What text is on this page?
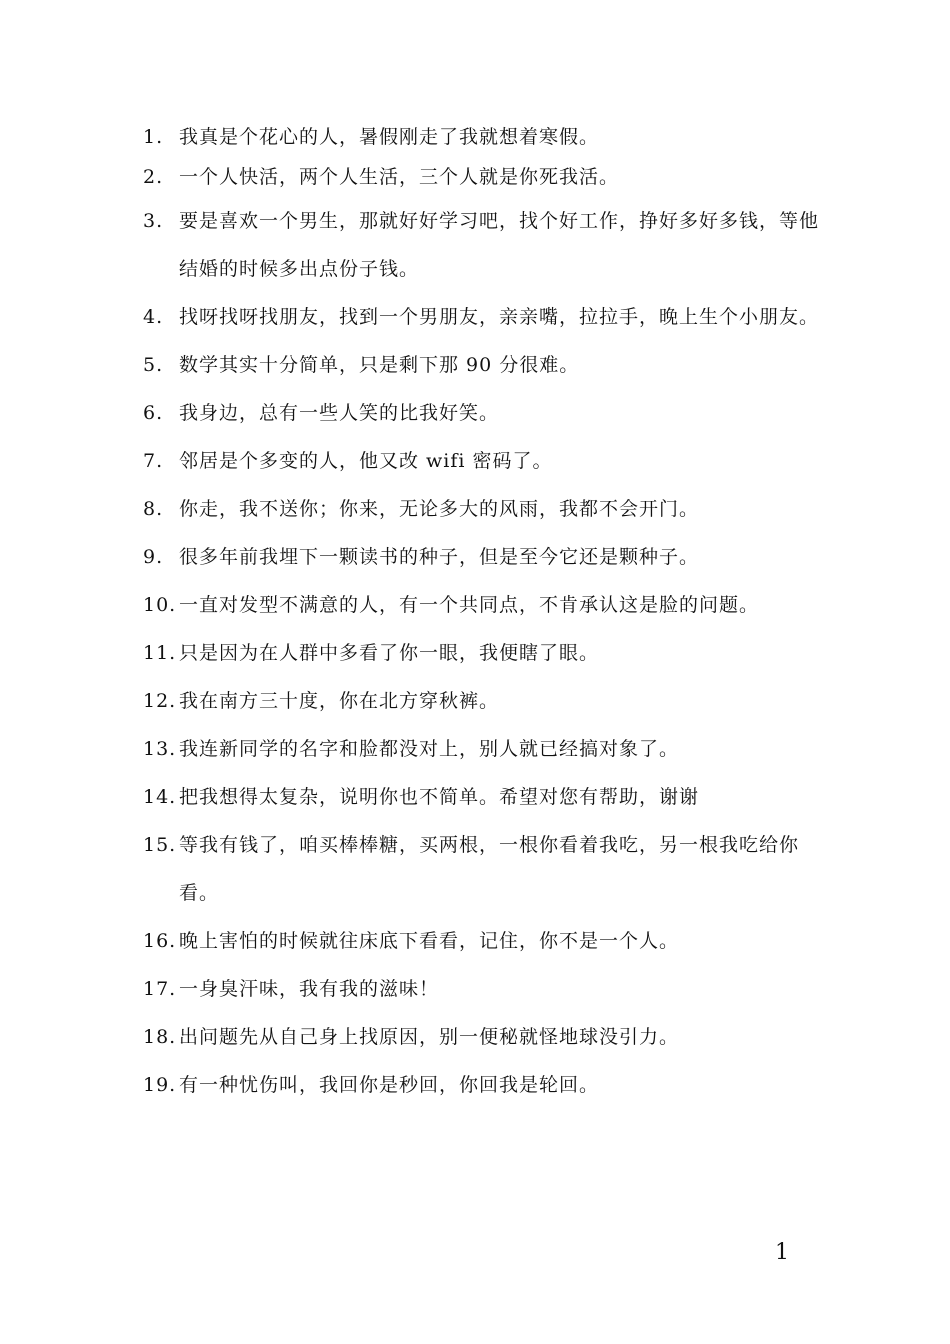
1. 我真是个花心的人，暑假刚走了我就想着寒假。
2. 一个人快活，两个人生活，三个人就是你死我活。
3. 要是喜欢一个男生，那就好好学习吧，找个好工作，挣好多好多钱，等他结婚的时候多出点份子钱。
4. 找呀找呀找朋友，找到一个男朋友，亲亲嘴，拉拉手，晚上生个小朋友。
5. 数学其实十分简单，只是剩下那 90 分很难。
6. 我身边，总有一些人笑的比我好笑。
7. 邻居是个多变的人，他又改 wifi 密码了。
8. 你走，我不送你；你来，无论多大的风雨，我都不会开门。
9. 很多年前我埋下一颗读书的种子，但是至今它还是颗种子。
10. 一直对发型不满意的人，有一个共同点，不肯承认这是脸的问题。
11. 只是因为在人群中多看了你一眼，我便瞎了眼。
12. 我在南方三十度，你在北方穿秋裤。
13. 我连新同学的名字和脸都没对上，别人就已经搞对象了。
14. 把我想得太复杂，说明你也不简单。希望对您有帮助，谢谢
15. 等我有钱了，咱买棒棒糖，买两根，一根你看着我吃，另一根我吃给你看。
16. 晚上害怕的时候就往床底下看看，记住，你不是一个人。
17. 一身臭汗味，我有我的滋味！
18. 出问题先从自己身上找原因，别一便秘就怪地球没引力。
19. 有一种忧伤叫，我回你是秒回，你回我是轮回。
1
